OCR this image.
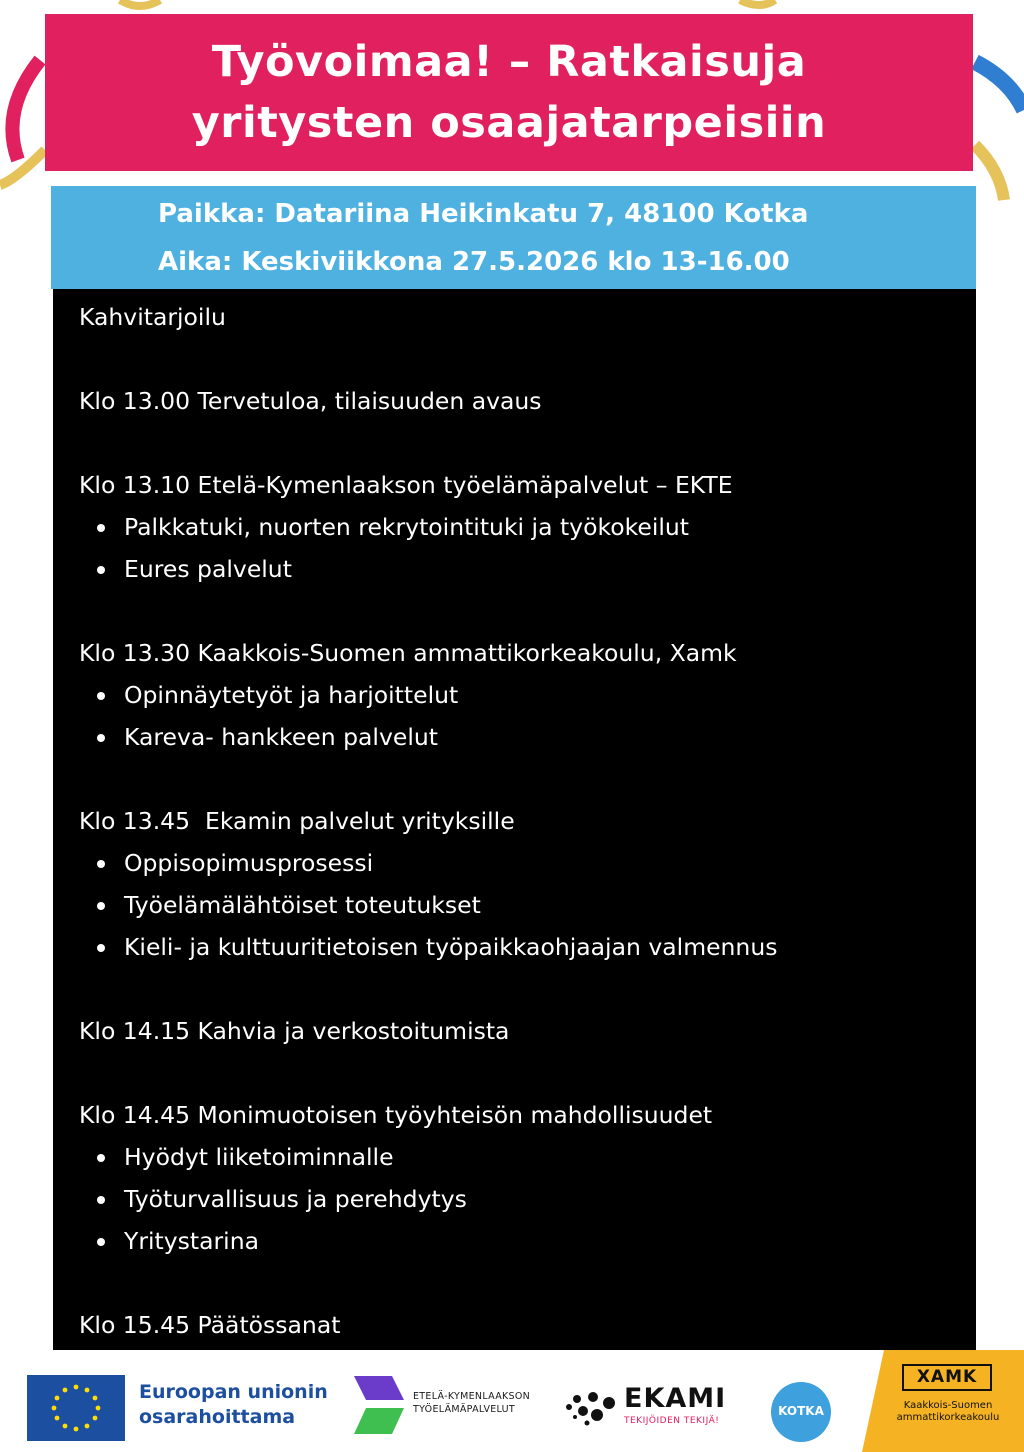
Työvoimaa! – Ratkaisuja
yritysten osaajatarpeisiin
Paikka: Datariina Heikinkatu 7, 48100 Kotka
Aika: Keskiviikkona 27.5.2026 klo 13-16.00
Kahvitarjoilu
Klo 13.00 Tervetuloa, tilaisuuden avaus
Klo 13.10 Etelä-Kymenlaakson työelämäpalvelut – EKTE
Palkkatuki, nuorten rekrytointituki ja työkokeilut
Eures palvelut
Klo 13.30 Kaakkois-Suomen ammattikorkeakoulu, Xamk
Opinnäytetyöt ja harjoittelut
Kareva- hankkeen palvelut
Klo 13.45  Ekamin palvelut yrityksille
Oppisopimusprosessi
Työelämälähtöiset toteutukset
Kieli- ja kulttuuritietoisen työpaikkaohjaajan valmennus
Klo 14.15 Kahvia ja verkostoitumista
Klo 14.45 Monimuotoisen työyhteisön mahdollisuudet
Hyödyt liiketoiminnalle
Työturvallisuus ja perehdytys
Yritystarina
Klo 15.45 Päätössanat
Euroopan unionin
osarahoittama
ETELÄ-KYMENLAAKSON
TYÖELÄMÄPALVELUT	EKAMI
TEKIJÖIDEN TEKIJÄ!
KOTKA
XAMK
Kaakkois-Suomen
ammattikorkeakoulu
